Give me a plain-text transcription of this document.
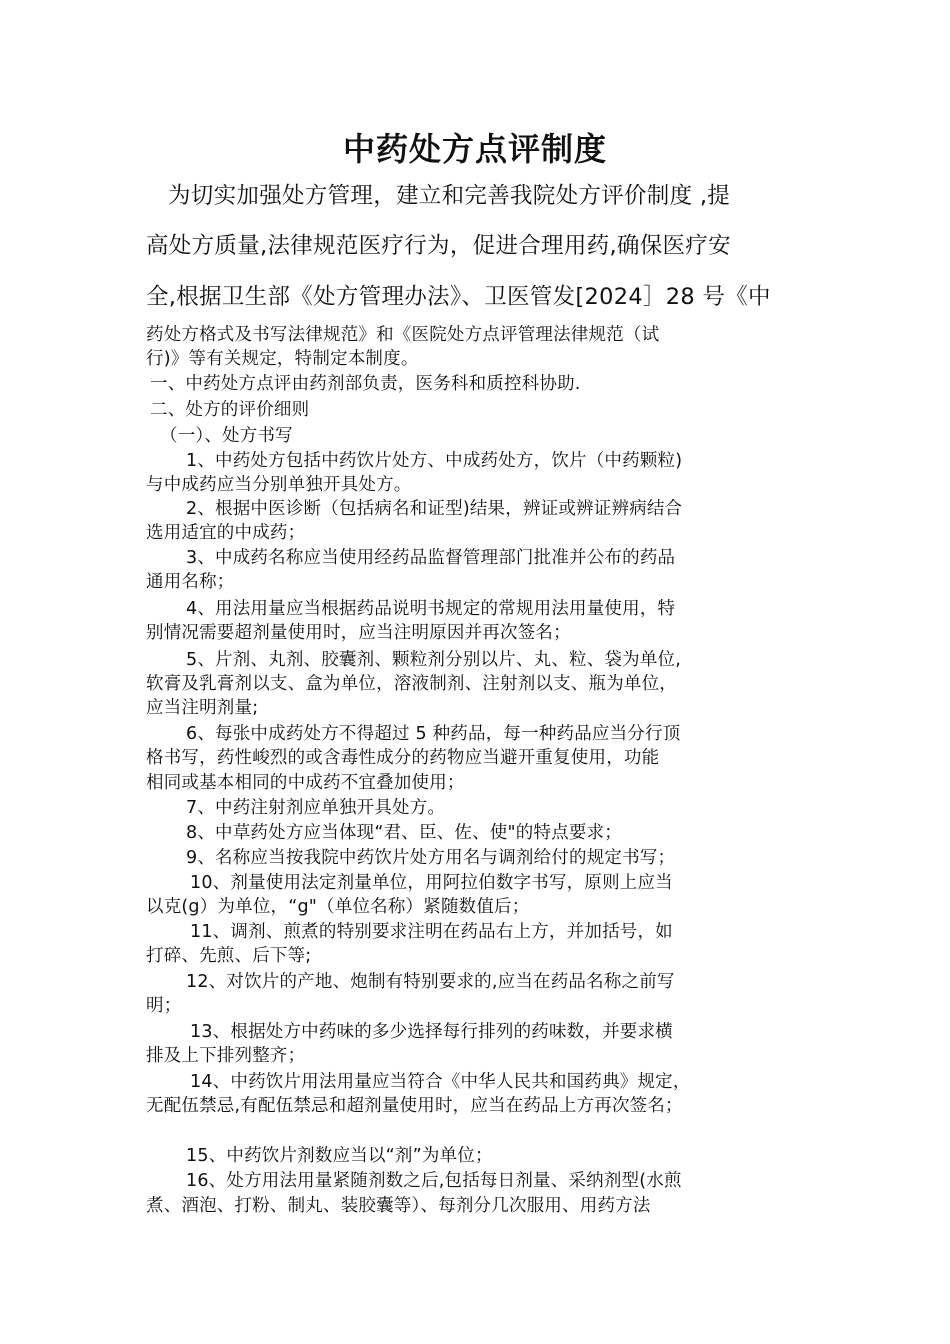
中药处方点评制度
为切实加强处方管理，建立和完善我院处方评价制度 ,提
高处方质量,法律规范医疗行为，促进合理用药,确保医疗安
全,根据卫生部《处方管理办法》、卫医管发[2024］28 号《中
药处方格式及书写法律规范》和《医院处方点评管理法律规范（试
行)》等有关规定，特制定本制度。
一、中药处方点评由药剂部负责，医务科和质控科协助.
二、处方的评价细则
（一）、处方书写
1、中药处方包括中药饮片处方、中成药处方，饮片（中药颗粒)
与中成药应当分别单独开具处方。
2、根据中医诊断（包括病名和证型)结果，辨证或辨证辨病结合
选用适宜的中成药；
3、中成药名称应当使用经药品监督管理部门批准并公布的药品
通用名称；
4、用法用量应当根据药品说明书规定的常规用法用量使用，特
别情况需要超剂量使用时，应当注明原因并再次签名；
5、片剂、丸剂、胶囊剂、颗粒剂分别以片、丸、粒、袋为单位,
软膏及乳膏剂以支、盒为单位，溶液制剂、注射剂以支、瓶为单位，
应当注明剂量;
6、每张中成药处方不得超过 5 种药品，每一种药品应当分行顶
格书写，药性峻烈的或含毒性成分的药物应当避开重复使用，功能
相同或基本相同的中成药不宜叠加使用；
7、中药注射剂应单独开具处方。
8、中草药处方应当体现“君、臣、佐、使"的特点要求；
9、名称应当按我院中药饮片处方用名与调剂给付的规定书写；
10、剂量使用法定剂量单位，用阿拉伯数字书写，原则上应当
以克(g）为单位，“g"（单位名称）紧随数值后；
11、调剂、煎煮的特别要求注明在药品右上方，并加括号，如
打碎、先煎、后下等;
12、对饮片的产地、炮制有特别要求的,应当在药品名称之前写
明；
13、根据处方中药味的多少选择每行排列的药味数，并要求横
排及上下排列整齐；
14、中药饮片用法用量应当符合《中华人民共和国药典》规定，
无配伍禁忌,有配伍禁忌和超剂量使用时，应当在药品上方再次签名；
15、中药饮片剂数应当以“剂”为单位；
16、处方用法用量紧随剂数之后,包括每日剂量、采纳剂型(水煎
煮、酒泡、打粉、制丸、装胶囊等）、每剂分几次服用、用药方法
